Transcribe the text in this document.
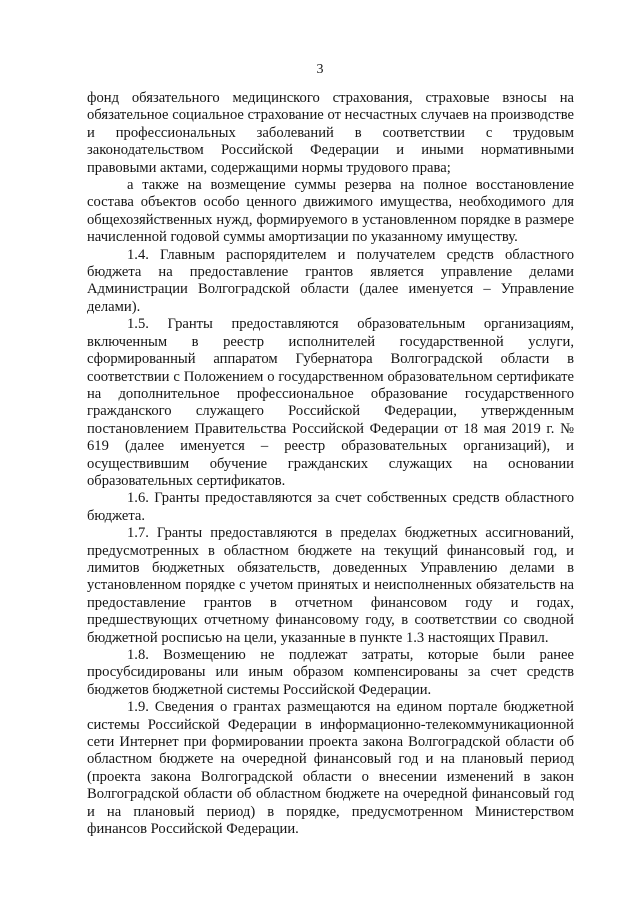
3

фонд обязательного медицинского страхования, страховые взносы на обязательное социальное страхование от несчастных случаев на производстве и профессиональных заболеваний в соответствии с трудовым законодательством Российской Федерации и иными нормативными правовыми актами, содержащими нормы трудового права;

а также на возмещение суммы резерва на полное восстановление состава объектов особо ценного движимого имущества, необходимого для общехозяйственных нужд, формируемого в установленном порядке в размере начисленной годовой суммы амортизации по указанному имуществу.

1.4. Главным распорядителем и получателем средств областного бюджета на предоставление грантов является управление делами Администрации Волгоградской области (далее именуется – Управление делами).

1.5. Гранты предоставляются образовательным организациям, включенным в реестр исполнителей государственной услуги, сформированный аппаратом Губернатора Волгоградской области в соответствии с Положением о государственном образовательном сертификате на дополнительное профессиональное образование государственного гражданского служащего Российской Федерации, утвержденным постановлением Правительства Российской Федерации от 18 мая 2019 г. № 619 (далее именуется – реестр образовательных организаций), и осуществившим обучение гражданских служащих на основании образовательных сертификатов.

1.6. Гранты предоставляются за счет собственных средств областного бюджета.

1.7. Гранты предоставляются в пределах бюджетных ассигнований, предусмотренных в областном бюджете на текущий финансовый год, и лимитов бюджетных обязательств, доведенных Управлению делами в установленном порядке с учетом принятых и неисполненных обязательств на предоставление грантов в отчетном финансовом году и годах, предшествующих отчетному финансовому году, в соответствии со сводной бюджетной росписью на цели, указанные в пункте 1.3 настоящих Правил.

1.8. Возмещению не подлежат затраты, которые были ранее просубсидированы или иным образом компенсированы за счет средств бюджетов бюджетной системы Российской Федерации.

1.9. Сведения о грантах размещаются на едином портале бюджетной системы Российской Федерации в информационно-телекоммуникационной сети Интернет при формировании проекта закона Волгоградской области об областном бюджете на очередной финансовый год и на плановый период (проекта закона Волгоградской области о внесении изменений в закон Волгоградской области об областном бюджете на очередной финансовый год и на плановый период) в порядке, предусмотренном Министерством финансов Российской Федерации.
